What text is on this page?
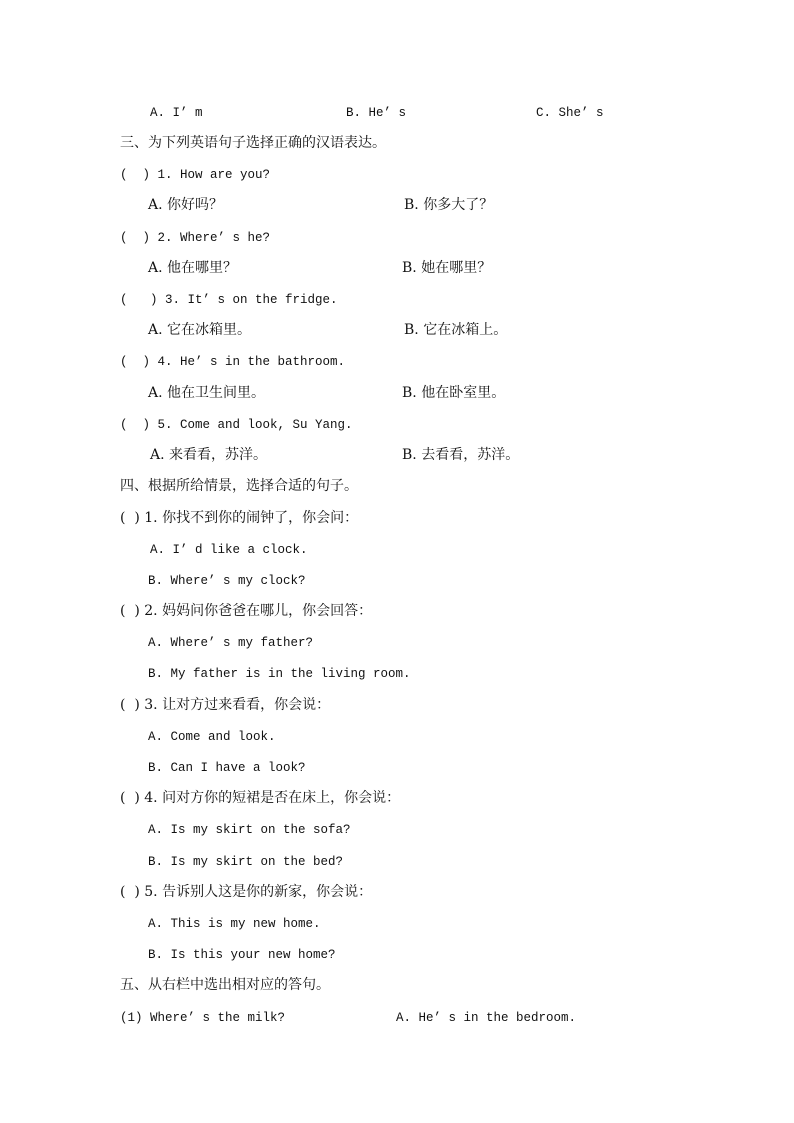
A. I’ m	B. He’ s	C. She’ s
三、为下列英语句子选择正确的汉语表达。
(  ) 1. How are you?
A. 你好吗？	B. 你多大了？
(  ) 2. Where’ s he?
A. 他在哪里？	B. 她在哪里？
(   ) 3. It’ s on the fridge.
A. 它在冰箱里。	B. 它在冰箱上。
(  ) 4. He’ s in the bathroom.
A. 他在卫生间里。	B. 他在卧室里。
(  ) 5. Come and look, Su Yang.
A. 来看看，苏洋。	B. 去看看，苏洋。
四、根据所给情景，选择合适的句子。
(  ) 1. 你找不到你的闹钟了，你会问：
A. I’ d like a clock.
B. Where’ s my clock?
(  ) 2. 妈妈问你爸爸在哪儿，你会回答：
A. Where’ s my father?
B. My father is in the living room.
(  ) 3. 让对方过来看看，你会说：
A. Come and look.
B. Can I have a look?
(  ) 4. 问对方你的短裙是否在床上，你会说：
A. Is my skirt on the sofa?
B. Is my skirt on the bed?
(  ) 5. 告诉别人这是你的新家，你会说：
A. This is my new home.
B. Is this your new home?
五、从右栏中选出相对应的答句。
(1) Where’ s the milk?	A. He’ s in the bedroom.
